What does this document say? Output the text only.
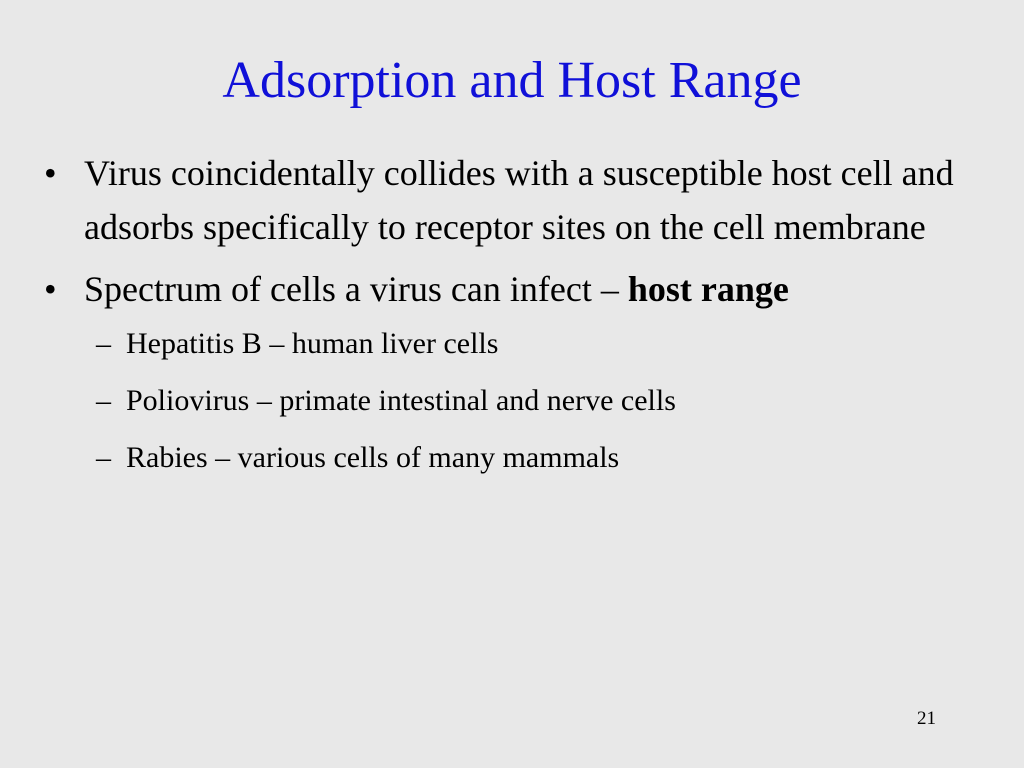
Adsorption and Host Range
• Virus coincidentally collides with a susceptible host cell and adsorbs specifically to receptor sites on the cell membrane
• Spectrum of cells a virus can infect – host range
– Hepatitis B – human liver cells
– Poliovirus – primate intestinal and nerve cells
– Rabies – various cells of many mammals
21
